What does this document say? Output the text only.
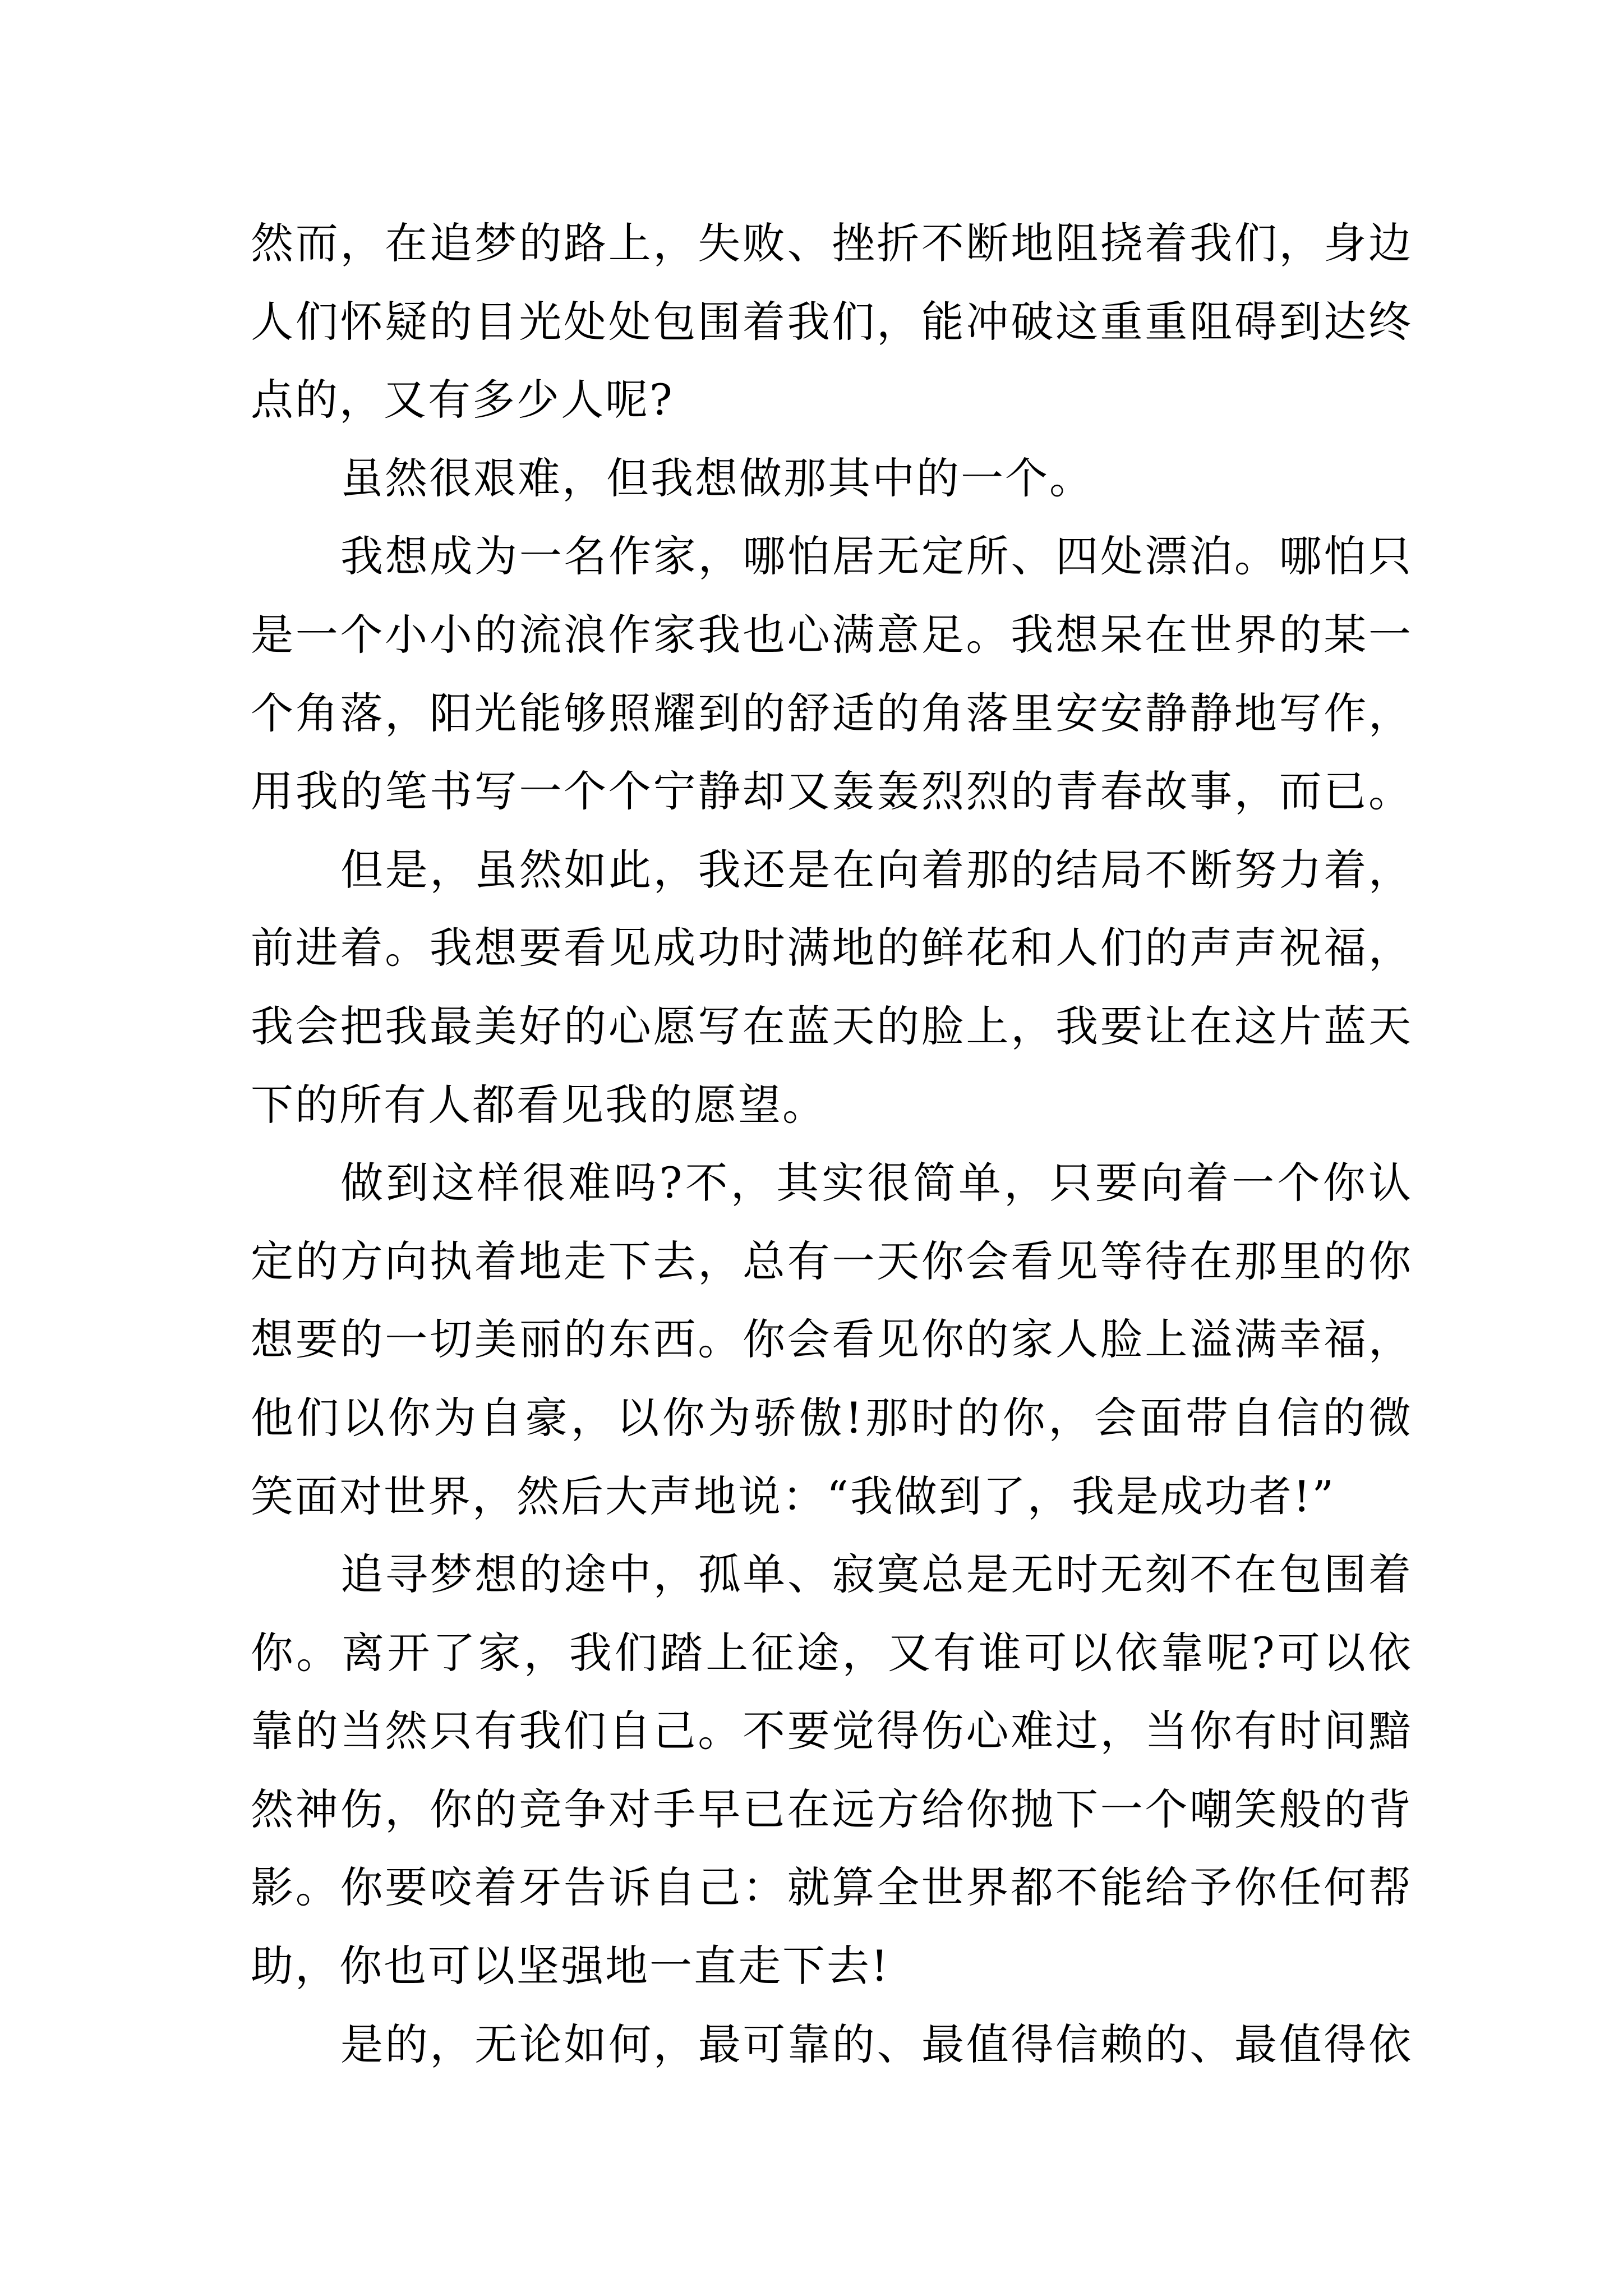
然而，在追梦的路上，失败、挫折不断地阻挠着我们，身边
人们怀疑的目光处处包围着我们，能冲破这重重阻碍到达终
点的，又有多少人呢?
虽然很艰难，但我想做那其中的一个。
我想成为一名作家，哪怕居无定所、四处漂泊。哪怕只
是一个小小的流浪作家我也心满意足。我想呆在世界的某一
个角落，阳光能够照耀到的舒适的角落里安安静静地写作，
用我的笔书写一个个宁静却又轰轰烈烈的青春故事，而已。
但是，虽然如此，我还是在向着那的结局不断努力着，
前进着。我想要看见成功时满地的鲜花和人们的声声祝福，
我会把我最美好的心愿写在蓝天的脸上，我要让在这片蓝天
下的所有人都看见我的愿望。
做到这样很难吗?不，其实很简单，只要向着一个你认
定的方向执着地走下去，总有一天你会看见等待在那里的你
想要的一切美丽的东西。你会看见你的家人脸上溢满幸福，
他们以你为自豪，以你为骄傲!那时的你，会面带自信的微
笑面对世界，然后大声地说：“我做到了，我是成功者!”
追寻梦想的途中，孤单、寂寞总是无时无刻不在包围着
你。离开了家，我们踏上征途，又有谁可以依靠呢?可以依
靠的当然只有我们自己。不要觉得伤心难过，当你有时间黯
然神伤，你的竞争对手早已在远方给你抛下一个嘲笑般的背
影。你要咬着牙告诉自己：就算全世界都不能给予你任何帮
助，你也可以坚强地一直走下去!
是的，无论如何，最可靠的、最值得信赖的、最值得依
